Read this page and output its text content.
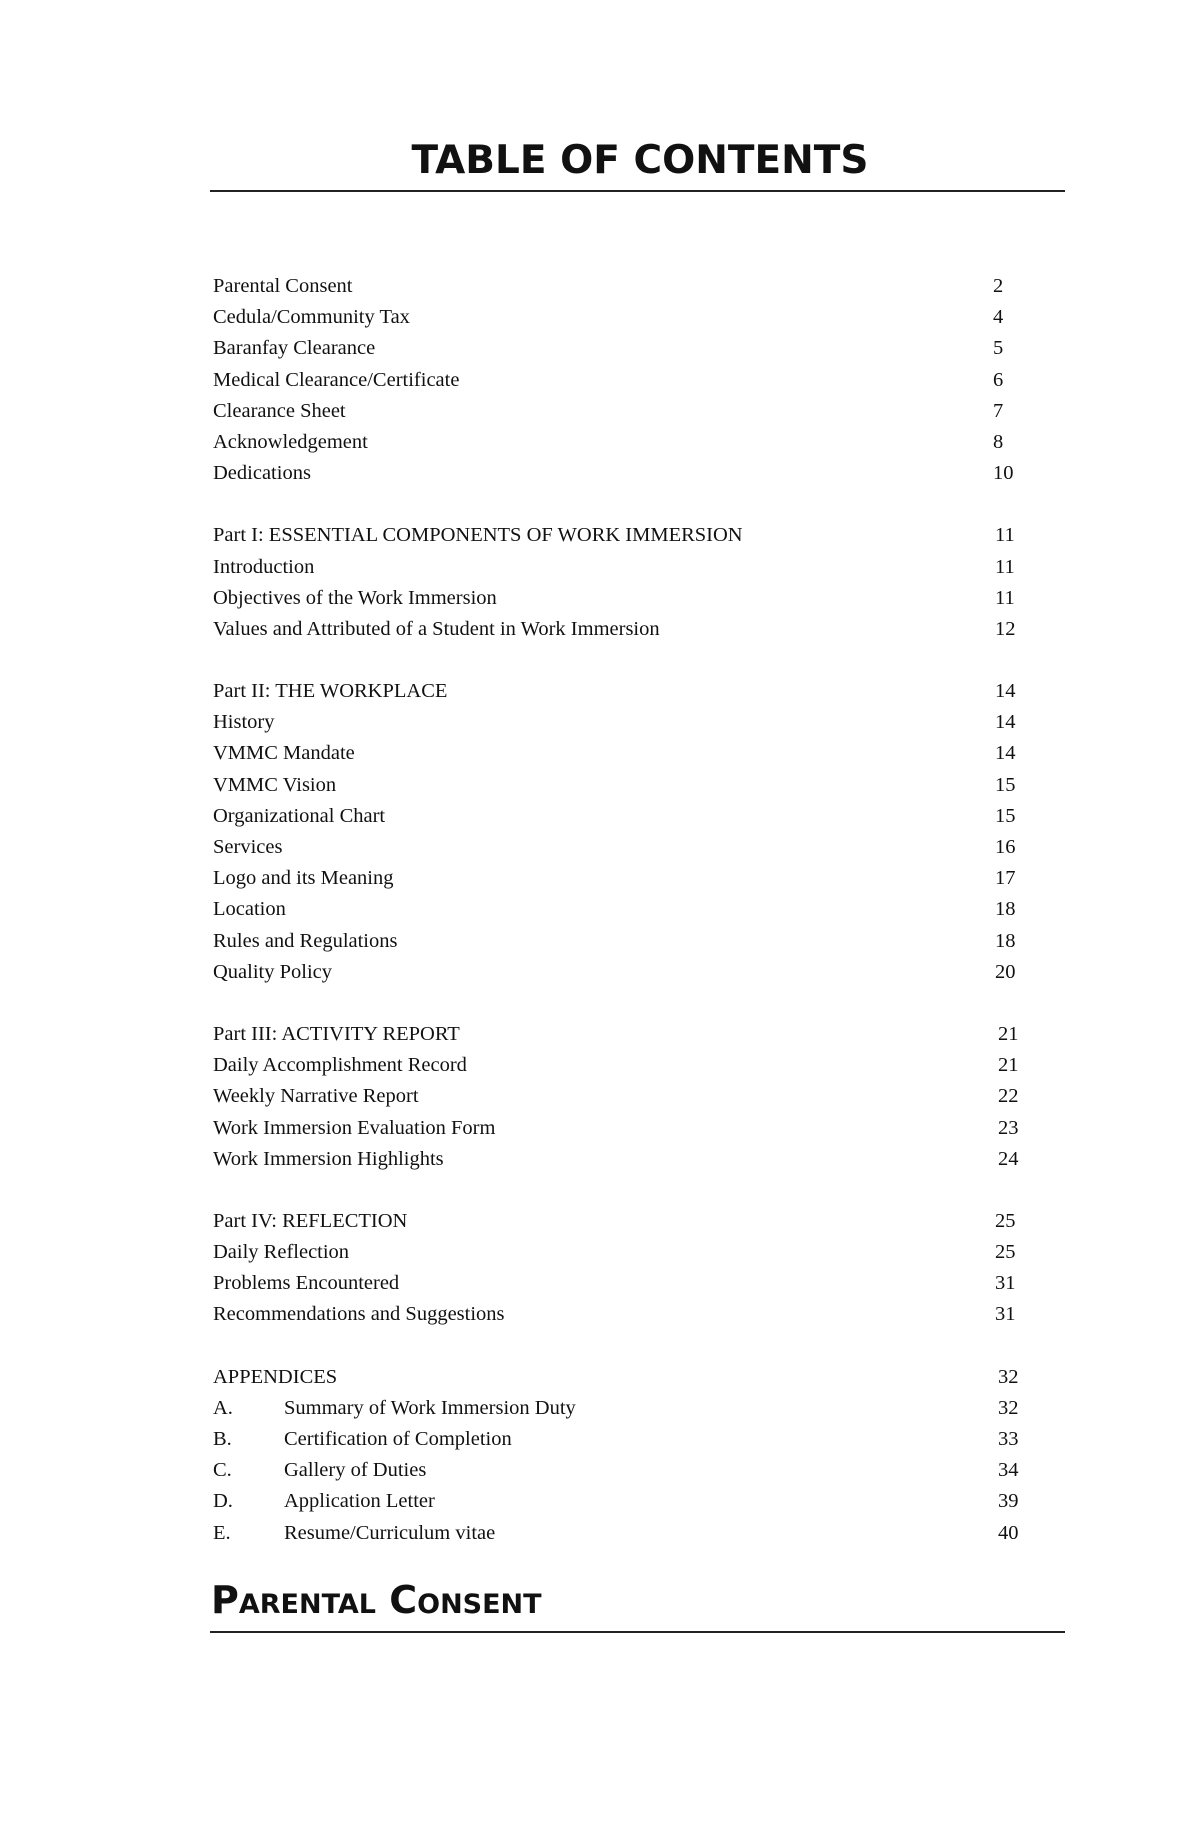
TABLE OF CONTENTS
Parental Consent	2
Cedula/Community Tax	4
Baranfay Clearance	5
Medical Clearance/Certificate	6
Clearance Sheet	7
Acknowledgement	8
Dedications	10
Part I: ESSENTIAL COMPONENTS OF WORK IMMERSION	11
Introduction	11
Objectives of the Work Immersion	11
Values and Attributed of a Student in Work Immersion	12
Part II: THE WORKPLACE	14
History	14
VMMC Mandate	14
VMMC Vision	15
Organizational Chart	15
Services	16
Logo and its Meaning	17
Location	18
Rules and Regulations	18
Quality Policy	20
Part III: ACTIVITY REPORT	21
Daily Accomplishment Record	21
Weekly Narrative Report	22
Work Immersion Evaluation Form	23
Work Immersion Highlights	24
Part IV: REFLECTION	25
Daily Reflection	25
Problems Encountered	31
Recommendations and Suggestions	31
APPENDICES	32
A. Summary of Work Immersion Duty	32
B.	Certification of Completion	33
C.	Gallery of Duties	34
D. Application Letter	39
E.	Resume/Curriculum vitae	40
Parental Consent
